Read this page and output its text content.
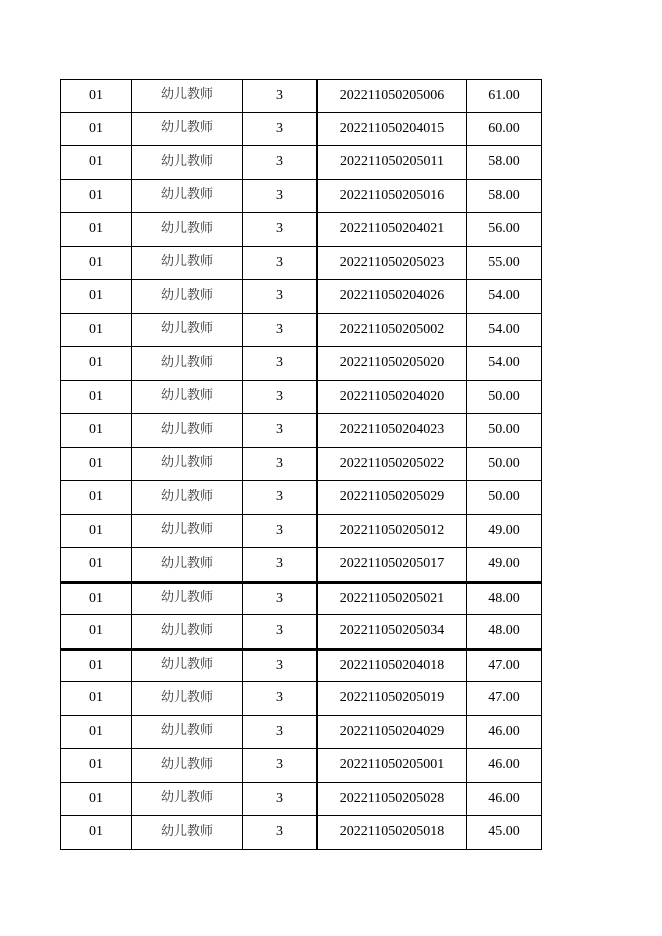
01	幼儿教师	3	202211050205006	61.00
01	幼儿教师	3	202211050204015	60.00
01	幼儿教师	3	202211050205011	58.00
01	幼儿教师	3	202211050205016	58.00
01	幼儿教师	3	202211050204021	56.00
01	幼儿教师	3	202211050205023	55.00
01	幼儿教师	3	202211050204026	54.00
01	幼儿教师	3	202211050205002	54.00
01	幼儿教师	3	202211050205020	54.00
01	幼儿教师	3	202211050204020	50.00
01	幼儿教师	3	202211050204023	50.00
01	幼儿教师	3	202211050205022	50.00
01	幼儿教师	3	202211050205029	50.00
01	幼儿教师	3	202211050205012	49.00
01	幼儿教师	3	202211050205017	49.00
01	幼儿教师	3	202211050205021	48.00
01	幼儿教师	3	202211050205034	48.00
01	幼儿教师	3	202211050204018	47.00
01	幼儿教师	3	202211050205019	47.00
01	幼儿教师	3	202211050204029	46.00
01	幼儿教师	3	202211050205001	46.00
01	幼儿教师	3	202211050205028	46.00
01	幼儿教师	3	202211050205018	45.00
